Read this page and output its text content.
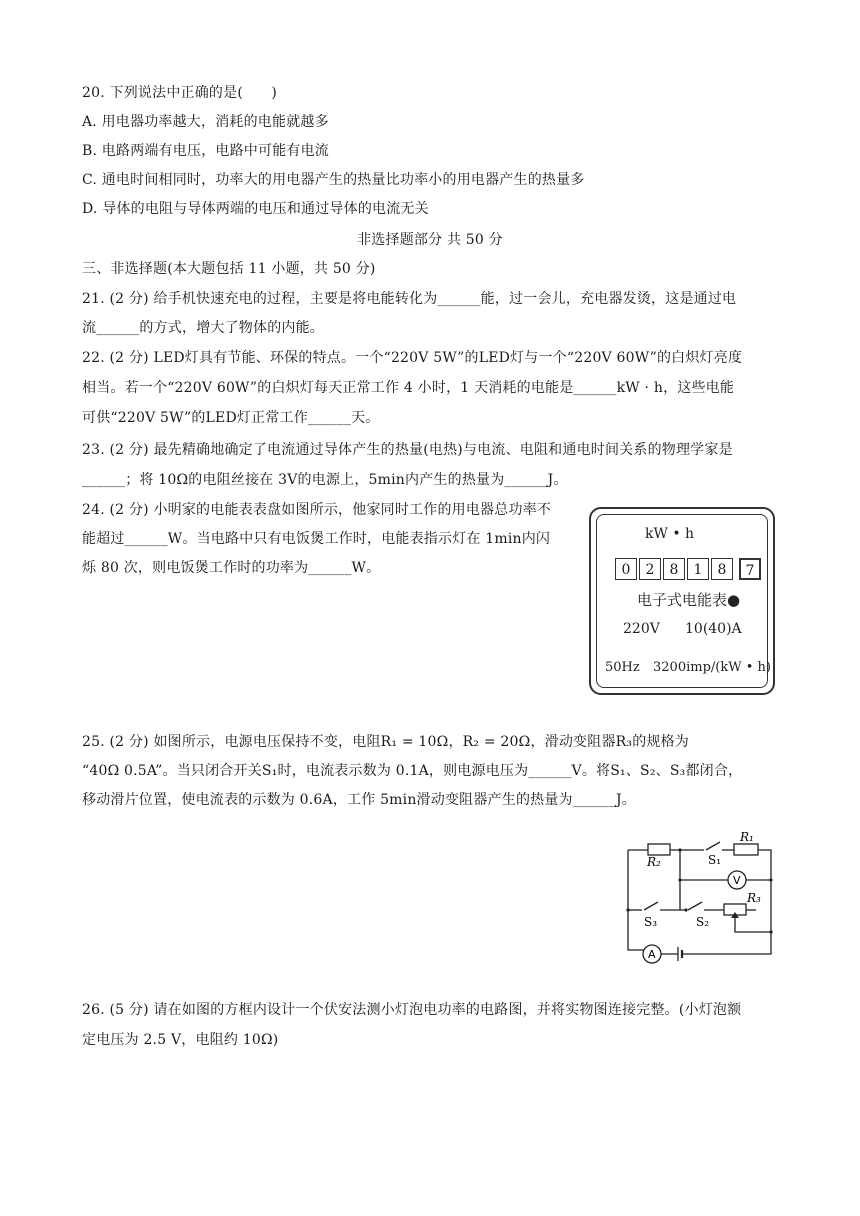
20. 下列说法中正确的是(　　)
A. 用电器功率越大，消耗的电能就越多
B. 电路两端有电压，电路中可能有电流
C. 通电时间相同时，功率大的用电器产生的热量比功率小的用电器产生的热量多
D. 导体的电阻与导体两端的电压和通过导体的电流无关
非选择题部分 共 50 分
三、非选择题(本大题包括 11 小题，共 50 分)
21. (2 分) 给手机快速充电的过程，主要是将电能转化为______能，过一会儿，充电器发烫，这是通过电
流______的方式，增大了物体的内能。
22. (2 分) LED灯具有节能、环保的特点。一个“220V 5W”的LED灯与一个“220V 60W”的白炽灯亮度
相当。若一个“220V 60W”的白炽灯每天正常工作 4 小时，1 天消耗的电能是______kW · h，这些电能
可供“220V 5W”的LED灯正常工作______天。
23. (2 分) 最先精确地确定了电流通过导体产生的热量(电热)与电流、电阻和通电时间关系的物理学家是
______；将 10Ω的电阻丝接在 3V的电源上，5min内产生的热量为______J。
24. (2 分) 小明家的电能表表盘如图所示，他家同时工作的用电器总功率不
能超过______W。当电路中只有电饭煲工作时，电能表指示灯在 1min内闪
烁 80 次，则电饭煲工作时的功率为______W。
kW • h
0	2	8	1	8	7
电子式电能表●
220V 10(40)A
50Hz 3200imp/(kW • h)
25. (2 分) 如图所示，电源电压保持不变，电阻R₁ = 10Ω，R₂ = 20Ω，滑动变阻器R₃的规格为
“40Ω 0.5A”。当只闭合开关S₁时，电流表示数为 0.1A，则电源电压为______V。将S₁、S₂、S₃都闭合，
移动滑片位置，使电流表的示数为 0.6A，工作 5min滑动变阻器产生的热量为______J。
R₂	S₁
R₁
V
R₃
S₃	S₂
A
26. (5 分) 请在如图的方框内设计一个伏安法测小灯泡电功率的电路图，并将实物图连接完整。(小灯泡额
定电压为 2.5 V，电阻约 10Ω)
